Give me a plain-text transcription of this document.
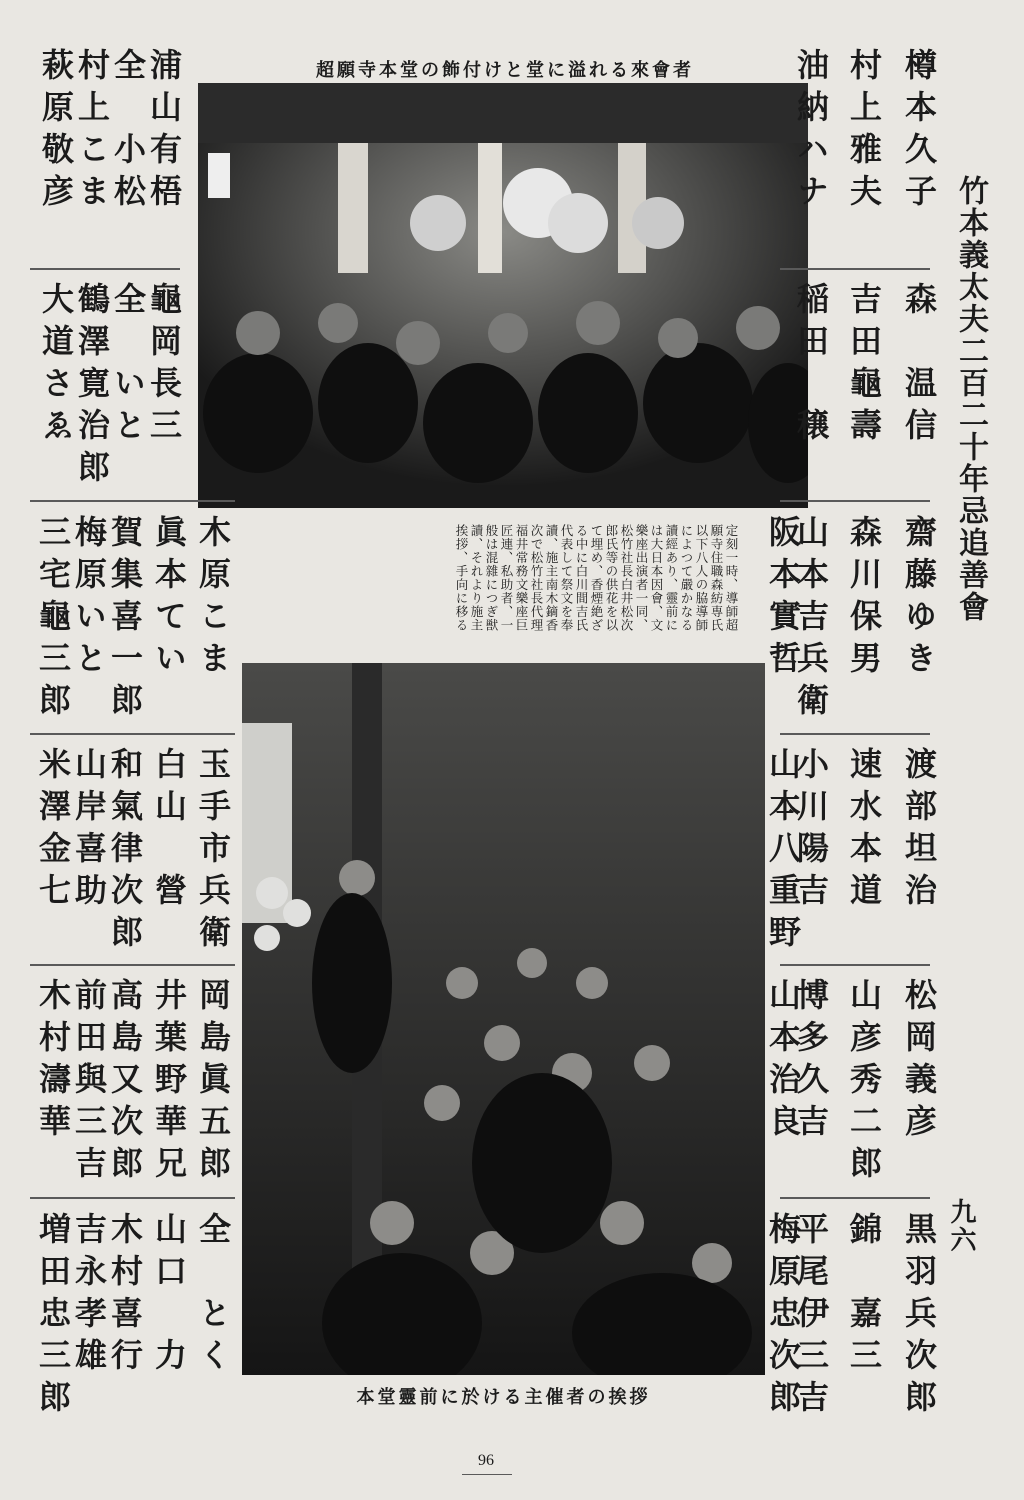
竹本義太夫二百二十年忌追善會
九六
超願寺本堂の飾付けと堂に溢れる來會者
本堂靈前に於ける主催者の挨拶
定刻一時、導師超
願寺住職森紡専氏
以下八人の脇導師
によつて嚴かなる
讀經あり、靈前に
は大日本因會、文
樂座出演者一同、
松竹社長白井松次
郎氏等の供花を以
て埋め、香煙絶ざ
る中に白川間吉氏
代表して祭文を奉
讀、施主南木鏑香
次で松竹社長代理
福井常務文樂座巨
匠連、私助者、一
般は混雜につぎ獣
讀、それより施主
挨拶、手向に移る
樽本久子
森　温信
齋藤ゆき
渡部坦治
松岡義彦
黒羽兵次郎
村上雅夫
吉田龜壽
森川保男
速水本道
山彦秀二郎
錦　嘉三
油納ハナ
稲田　穣
山本吉兵衛
小川陽吉
博多久吉
平尾伊三吉
浦山有梧
龜岡長三
全　小松
全　いと
村上こま
鶴澤寛治郎
萩原敬彦
大道さゑ
木原こま
玉手市兵衛
岡島眞五郎
全　とく
眞本てい
白山　營
井葉野華兄
山口　力
賀集喜一郎
和氣律次郎
高島又次郎
木村喜行
梅原いと
山岸喜助
前田與三吉
吉永孝雄
三宅龜三郎
米澤金七
木村濤華
増田忠三郎
96
阪本實哲
山本八重野
山本治良
梅原忠次郎
